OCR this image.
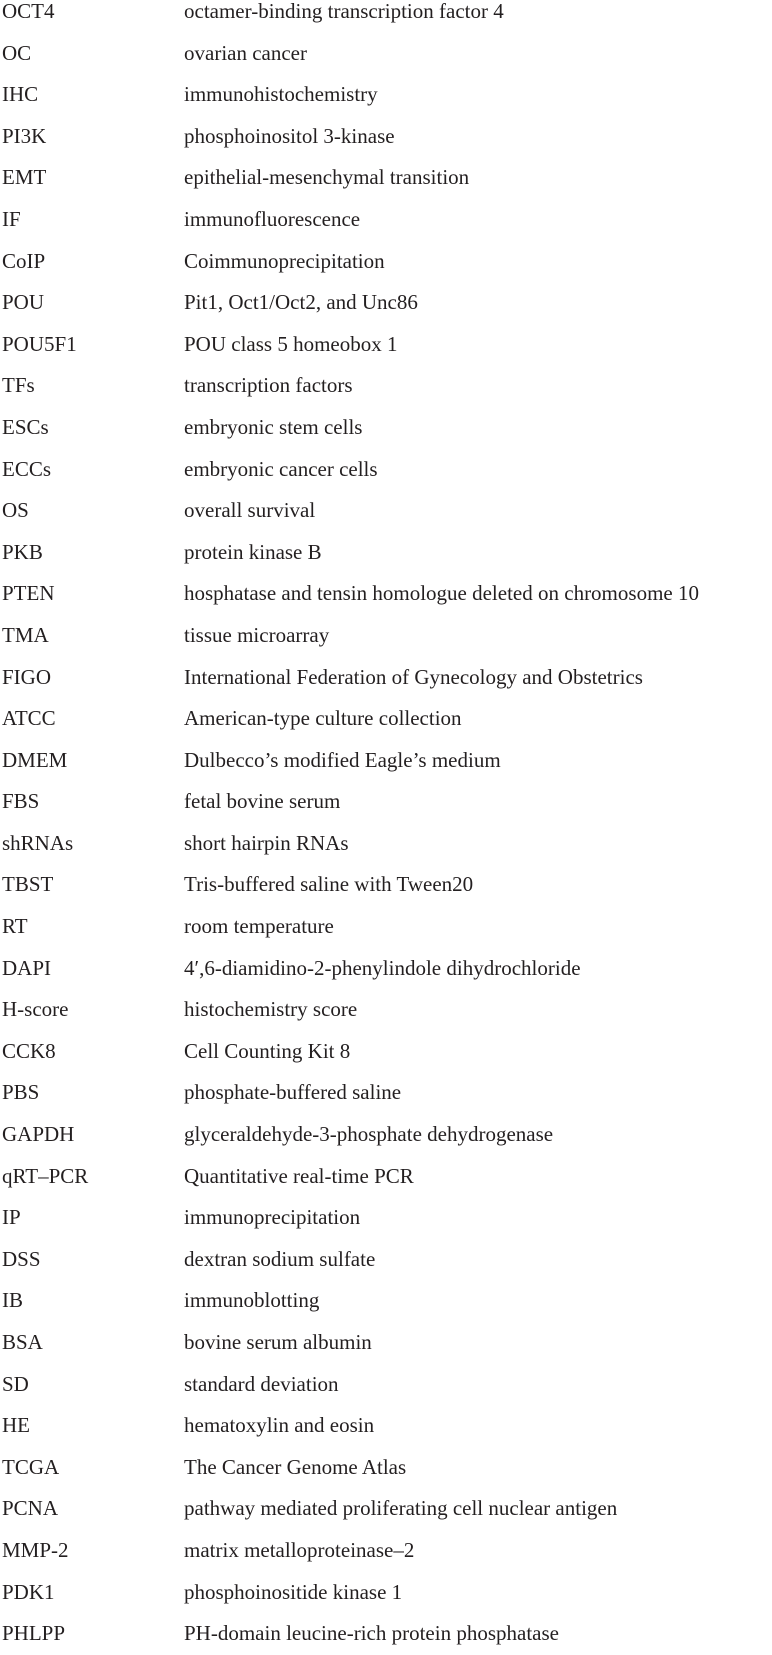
OCT4	octamer-binding transcription factor 4
OC	ovarian cancer
IHC	immunohistochemistry
PI3K	phosphoinositol 3-kinase
EMT	epithelial-mesenchymal transition
IF	immunofluorescence
CoIP	Coimmunoprecipitation
POU	Pit1, Oct1/Oct2, and Unc86
POU5F1	POU class 5 homeobox 1
TFs	transcription factors
ESCs	embryonic stem cells
ECCs	embryonic cancer cells
OS	overall survival
PKB	protein kinase B
PTEN	hosphatase and tensin homologue deleted on chromosome 10
TMA	tissue microarray
FIGO	International Federation of Gynecology and Obstetrics
ATCC	American-type culture collection
DMEM	Dulbecco’s modified Eagle’s medium
FBS	fetal bovine serum
shRNAs	short hairpin RNAs
TBST	Tris-buffered saline with Tween20
RT	room temperature
DAPI	4′,6-diamidino-2-phenylindole dihydrochloride
H-score	histochemistry score
CCK8	Cell Counting Kit 8
PBS	phosphate-buffered saline
GAPDH	glyceraldehyde-3-phosphate dehydrogenase
qRT–PCR	Quantitative real-time PCR
IP	immunoprecipitation
DSS	dextran sodium sulfate
IB	immunoblotting
BSA	bovine serum albumin
SD	standard deviation
HE	hematoxylin and eosin
TCGA	The Cancer Genome Atlas
PCNA	pathway mediated proliferating cell nuclear antigen
MMP-2	matrix metalloproteinase–2
PDK1	phosphoinositide kinase 1
PHLPP	PH-domain leucine-rich protein phosphatase
